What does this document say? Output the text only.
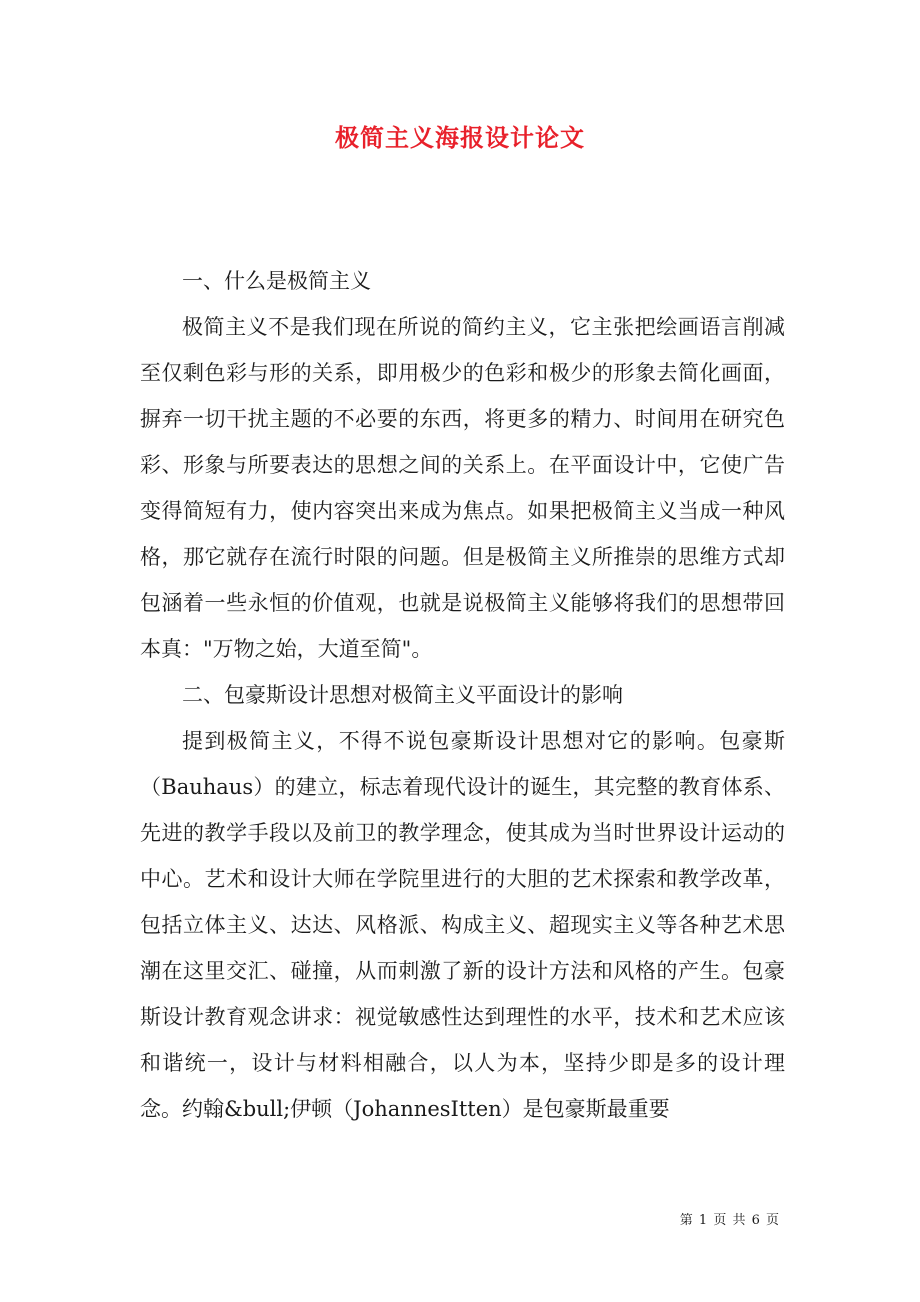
极简主义海报设计论文

一、什么是极简主义

极简主义不是我们现在所说的简约主义，它主张把绘画语言削减至仅剩色彩与形的关系，即用极少的色彩和极少的形象去简化画面，摒弃一切干扰主题的不必要的东西，将更多的精力、时间用在研究色彩、形象与所要表达的思想之间的关系上。在平面设计中，它使广告变得简短有力，使内容突出来成为焦点。如果把极简主义当成一种风格，那它就存在流行时限的问题。但是极简主义所推崇的思维方式却包涵着一些永恒的价值观，也就是说极简主义能够将我们的思想带回本真："万物之始，大道至简"。

二、包豪斯设计思想对极简主义平面设计的影响

提到极简主义，不得不说包豪斯设计思想对它的影响。包豪斯（Bauhaus）的建立，标志着现代设计的诞生，其完整的教育体系、先进的教学手段以及前卫的教学理念，使其成为当时世界设计运动的中心。艺术和设计大师在学院里进行的大胆的艺术探索和教学改革，包括立体主义、达达、风格派、构成主义、超现实主义等各种艺术思潮在这里交汇、碰撞，从而刺激了新的设计方法和风格的产生。包豪斯设计教育观念讲求：视觉敏感性达到理性的水平，技术和艺术应该和谐统一，设计与材料相融合，以人为本，坚持少即是多的设计理念。约翰&bull;伊顿（JohannesItten）是包豪斯最重要

第 1 页 共 6 页
